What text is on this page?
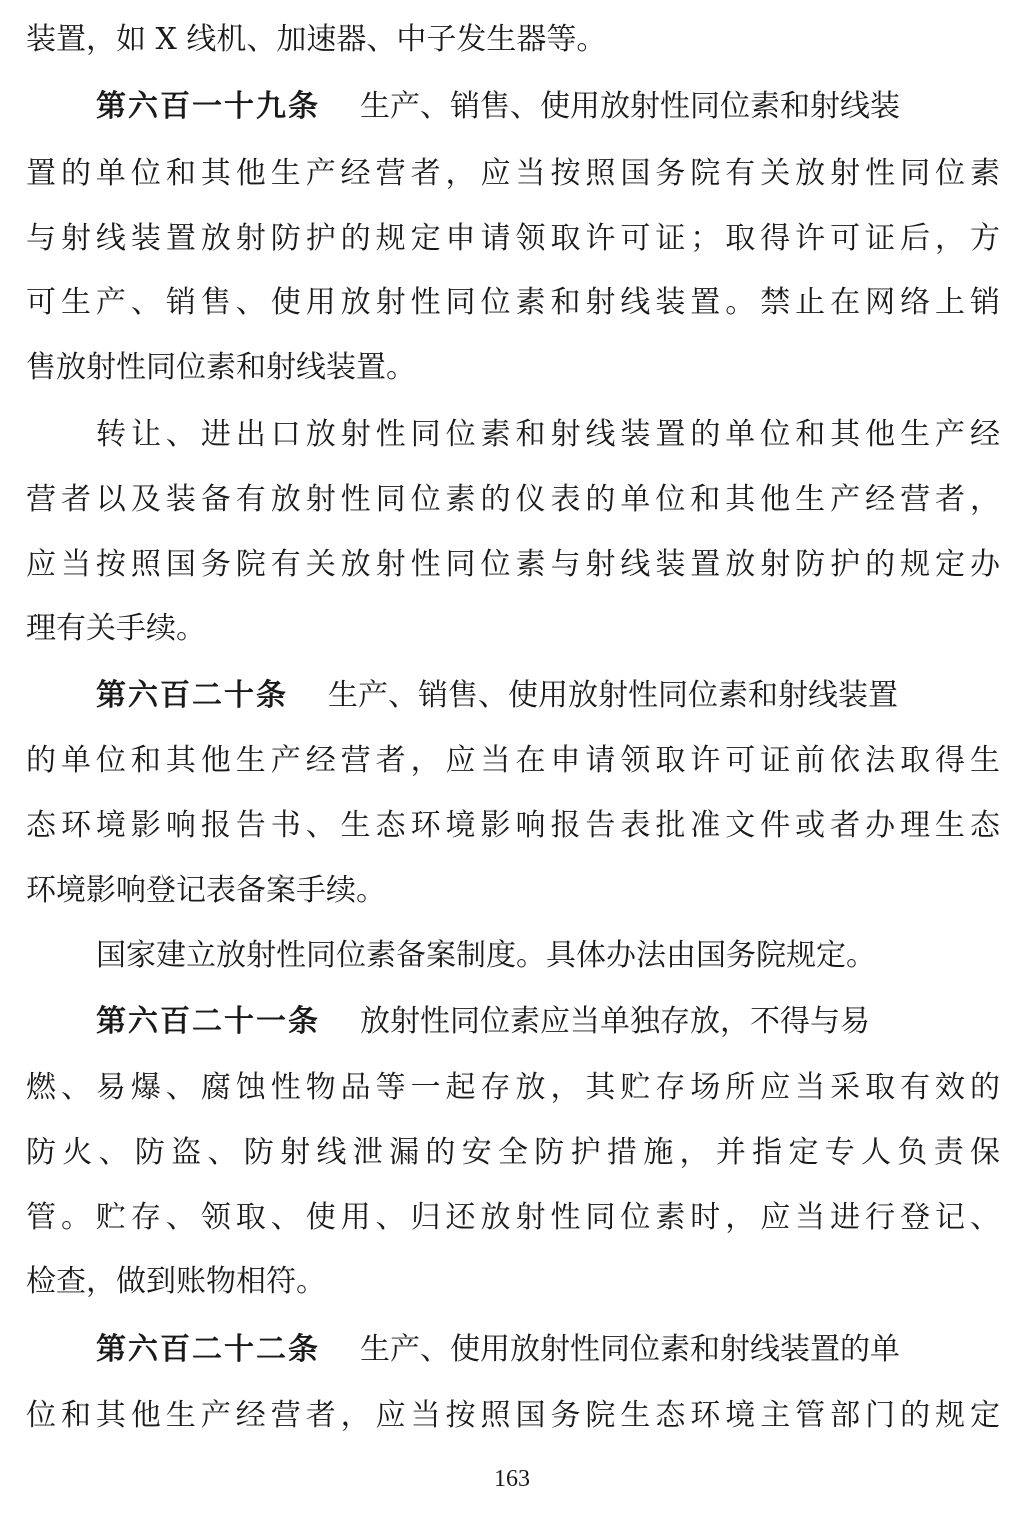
装置，如 X 线机、加速器、中子发生器等。
第六百一十九条 生产、销售、使用放射性同位素和射线装
置的单位和其他生产经营者，应当按照国务院有关放射性同位素
与射线装置放射防护的规定申请领取许可证；取得许可证后，方
可生产、销售、使用放射性同位素和射线装置。禁止在网络上销
售放射性同位素和射线装置。
转让、进出口放射性同位素和射线装置的单位和其他生产经
营者以及装备有放射性同位素的仪表的单位和其他生产经营者，
应当按照国务院有关放射性同位素与射线装置放射防护的规定办
理有关手续。
第六百二十条 生产、销售、使用放射性同位素和射线装置
的单位和其他生产经营者，应当在申请领取许可证前依法取得生
态环境影响报告书、生态环境影响报告表批准文件或者办理生态
环境影响登记表备案手续。
国家建立放射性同位素备案制度。具体办法由国务院规定。
第六百二十一条 放射性同位素应当单独存放，不得与易
燃、易爆、腐蚀性物品等一起存放，其贮存场所应当采取有效的
防火、防盗、防射线泄漏的安全防护措施，并指定专人负责保
管。贮存、领取、使用、归还放射性同位素时，应当进行登记、
检查，做到账物相符。
第六百二十二条 生产、使用放射性同位素和射线装置的单
位和其他生产经营者，应当按照国务院生态环境主管部门的规定
163
